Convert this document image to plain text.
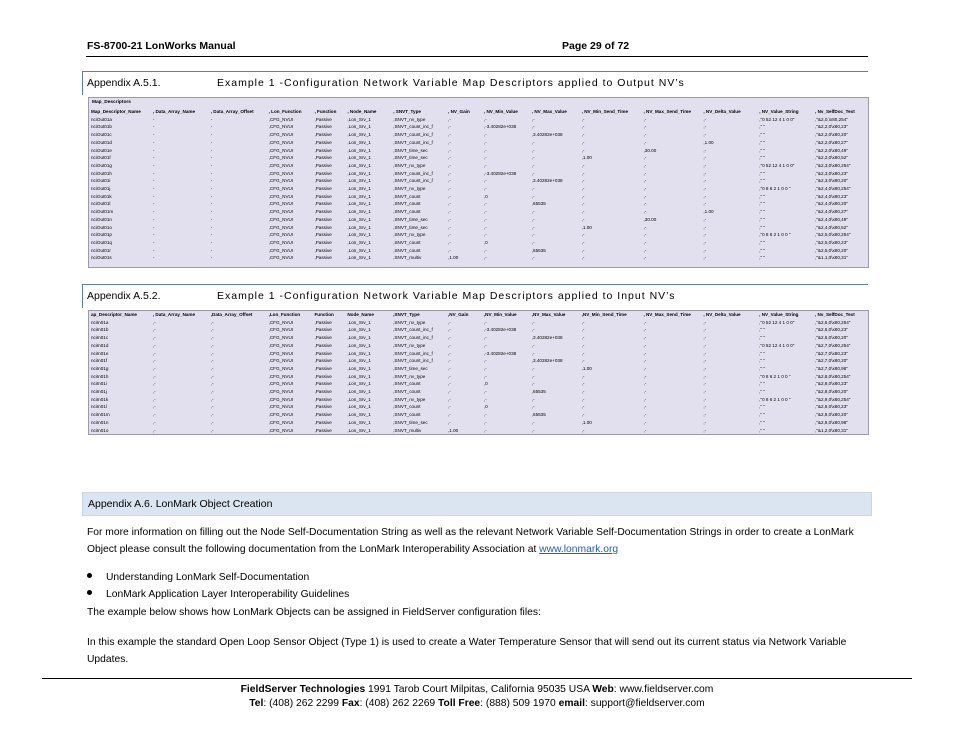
FS-8700-21 LonWorks Manual	Page 29 of 72
Appendix A.5.1.	Example 1 -Configuration Network Variable Map Descriptors applied to Output NV’s
Map_Descriptors
Map_Descriptor_Name	, Data_Array_Name	, Data_Array_Offset	, Lon_Function	, Function	, Node_Name	, SNVT_Type	, NV_Gain	, NV_Min_Value	, NV_Max_Value	, NV_Min_Send_Time	, NV_Max_Send_Time	, NV_Delta_Value	, NV_Value_String	, Nv_SelfDoc_Text
nciOut01a	-	-	,CFG_NVUI	,Passive	,Lon_Srv_1	,SNVT_nv_type	,-	,-	,-	,-	,-	,-	,"0 52 12 4 1 0 0"	,"&2,0,\x80,254"
nciOut01b	-	-	,CFG_NVUI	,Passive	,Lon_Srv_1	,SNVT_count_inc_f	,-	,-3.40282e+038	,-	,-	,-	,-	," "	,"&2,2,0\x80,23"
nciOut01c	-	-	,CFG_NVUI	,Passive	,Lon_Srv_1	,SNVT_count_inc_f	,-	,-	,3.40282e+038	,-	,-	,-	," "	,"&2,2,0\x80,20"
nciOut01d	-	-	,CFG_NVUI	,Passive	,Lon_Srv_1	,SNVT_count_inc_f	,-	,-	,-	,-	,-	,1.00	," "	,"&2,2,0\x80,27"
nciOut01e	-	-	,CFG_NVUI	,Passive	,Lon_Srv_1	,SNVT_time_sec	,-	,-	,-	,-	,30.00	,-	," "	,"&2,2,0\x80,49"
nciOut01f	-	-	,CFG_NVUI	,Passive	,Lon_Srv_1	,SNVT_time_sec	,-	,-	,-	,1.00	,-	,-	," "	,"&2,2,0\x80,52"
nciOut01g	-	-	,CFG_NVUI	,Passive	,Lon_Srv_1	,SNVT_nv_type	,-	,-	,-	,-	,-	,-	,"0 52 12 4 1 0 0"	,"&2,3,0\x80,254"
nciOut01h	-	-	,CFG_NVUI	,Passive	,Lon_Srv_1	,SNVT_count_inc_f	,-	,-3.40282e+038	,-	,-	,-	,-	," "	,"&2,3,0\x80,23"
nciOut01i	-	-	,CFG_NVUI	,Passive	,Lon_Srv_1	,SNVT_count_inc_f	,-	,-	,3.40282e+038	,-	,-	,-	," "	,"&2,3,0\x80,20"
nciOut01j	-	-	,CFG_NVUI	,Passive	,Lon_Srv_1	,SNVT_nv_type	,-	,-	,-	,-	,-	,-	,"0 8 6 2 1 0 0 "	,"&2,4,0\x80,254"
nciOut01k	-	-	,CFG_NVUI	,Passive	,Lon_Srv_1	,SNVT_count	,-	,0	,-	,-	,-	,-	," "	,"&2,4,0\x80,23"
nciOut01l	-	-	,CFG_NVUI	,Passive	,Lon_Srv_1	,SNVT_count	,-	,-	,65535	,-	,-	,-	," "	,"&2,4,0\x80,20"
nciOut01m	-	-	,CFG_NVUI	,Passive	,Lon_Srv_1	,SNVT_count	,-	,-	,-	,-	,-	,1.00	," "	,"&2,4,0\x80,27"
nciOut01n	-	-	,CFG_NVUI	,Passive	,Lon_Srv_1	,SNVT_time_sec	,-	,-	,-	,-	,30.00	,-	," "	,"&2,4,0\x80,49"
nciOut01o	-	-	,CFG_NVUI	,Passive	,Lon_Srv_1	,SNVT_time_sec	,-	,-	,-	,1.00	,-	,-	," "	,"&2,4,0\x80,52"
nciOut01p	-	-	,CFG_NVUI	,Passive	,Lon_Srv_1	,SNVT_nv_type	,-	,-	,-	,-	,-	,-	,"0 8 6 2 1 0 0 "	,"&2,5,0\x80,254"
nciOut01q	-	-	,CFG_NVUI	,Passive	,Lon_Srv_1	,SNVT_count	,-	,0	,-	,-	,-	,-	," "	,"&2,5,0\x80,23"
nciOut01r	-	-	,CFG_NVUI	,Passive	,Lon_Srv_1	,SNVT_count	,-	,-	,65535	,-	,-	,-	," "	,"&2,5,0\x80,20"
nciOut01s	-	-	,CFG_NVUI	,Passive	,Lon_Srv_1	,SNVT_multiv	,1.00	,-	,-	,-	,-	,-	," "	,"&1,1,0\x80,31"
Appendix A.5.2.	Example 1 -Configuration Network Variable Map Descriptors applied to Input NV’s
ap_Descriptor_Name	, Data_Array_Name	,Data_Array_Offset	,Lon_Function	Function	Node_Name	,SNVT_Type	,NV_Gain	,NV_Min_Value	,NV_Max_Value	,NV_Min_Send_Time	, NV_Max_Send_Time	, NV_Delta_Value	, NV_Value_String	, Nv_SelfDoc_Text
nciIn01a	,-	,-	,CFG_NVUI	,Passive	,Lon_Srv_1	,SNVT_nv_type	,-	,-	,-	,-	,-	,-	,"0 52 12 4 1 0 0"	,"&2,6,0\x80,254"
nciIn01b	,-	,-	,CFG_NVUI	,Passive	,Lon_Srv_1	,SNVT_count_inc_f	,-	,-3.40282e+038	,-	,-	,-	,-	," "	,"&2,6,0\x80,23"
nciIn01c	,-	,-	,CFG_NVUI	,Passive	,Lon_Srv_1	,SNVT_count_inc_f	,-	,-	,3.40282e+038	,-	,-	,-	," "	,"&2,6,0\x80,20"
nciIn01d	,-	,-	,CFG_NVUI	,Passive	,Lon_Srv_1	,SNVT_nv_type	,-	,-	,-	,-	,-	,-	,"0 52 12 4 1 0 0"	,"&2,7,0\x80,254"
nciIn01e	,-	,-	,CFG_NVUI	,Passive	,Lon_Srv_1	,SNVT_count_inc_f	,-	,-3.40282e+038	,-	,-	,-	,-	," "	,"&2,7,0\x80,23"
nciIn01f	,-	,-	,CFG_NVUI	,Passive	,Lon_Srv_1	,SNVT_count_inc_f	,-	,-	,3.40282e+038	,-	,-	,-	," "	,"&2,7,0\x80,20"
nciIn01g	,-	,-	,CFG_NVUI	,Passive	,Lon_Srv_1	,SNVT_time_sec	,-	,-	,-	,1.00	,-	,-	," "	,"&2,7,0\x80,98"
nciIn01h	,-	,-	,CFG_NVUI	,Passive	,Lon_Srv_1	,SNVT_nv_type	,-	,-	,-	,-	,-	,-	,"0 8 6 2 1 0 0 "	,"&2,8,0\x80,254"
nciIn01i	,-	,-	,CFG_NVUI	,Passive	,Lon_Srv_1	,SNVT_count	,-	,0	,-	,-	,-	,-	," "	,"&2,8,0\x80,23"
nciIn01j	,-	,-	,CFG_NVUI	,Passive	,Lon_Srv_1	,SNVT_count	,-	,-	,65535	,-	,-	,-	," "	,"&2,8,0\x80,20"
nciIn01k	,-	,-	,CFG_NVUI	,Passive	,Lon_Srv_1	,SNVT_nv_type	,-	,-	,-	,-	,-	,-	,"0 8 6 2 1 0 0 "	,"&2,9,0\x80,254"
nciIn01l	,-	,-	,CFG_NVUI	,Passive	,Lon_Srv_1	,SNVT_count	,-	,0	,-	,-	,-	,-	," "	,"&2,9,0\x80,23"
nciIn01m	,-	,-	,CFG_NVUI	,Passive	,Lon_Srv_1	,SNVT_count	,-	,-	,65535	,-	,-	,-	," "	,"&2,9,0\x80,20"
nciIn01n	,-	,-	,CFG_NVUI	,Passive	,Lon_Srv_1	,SNVT_time_sec	,-	,-	,-	,1.00	,-	,-	," "	,"&2,9,0\x80,98"
nciIn01o	,-	,-	,CFG_NVUI	,Passive	,Lon_Srv_1	,SNVT_multiv	,1.00	,-	,-	,-	,-	,-	," "	,"&1,2,0\x80,31"
Appendix A.6. LonMark Object Creation
For more information on filling out the Node Self-Documentation String as well as the relevant Network Variable Self-Documentation Strings in order to create a LonMark Object please consult the following documentation from the LonMark Interoperability Association at www.lonmark.org
Understanding LonMark Self-Documentation
LonMark Application Layer Interoperability Guidelines
The example below shows how LonMark Objects can be assigned in FieldServer configuration files:
In this example the standard Open Loop Sensor Object (Type 1) is used to create a Water Temperature Sensor that will send out its current status via Network Variable Updates.
FieldServer Technologies 1991 Tarob Court Milpitas, California 95035 USA Web: www.fieldserver.com
Tel: (408) 262 2299 Fax: (408) 262 2269 Toll Free: (888) 509 1970 email: support@fieldserver.com
